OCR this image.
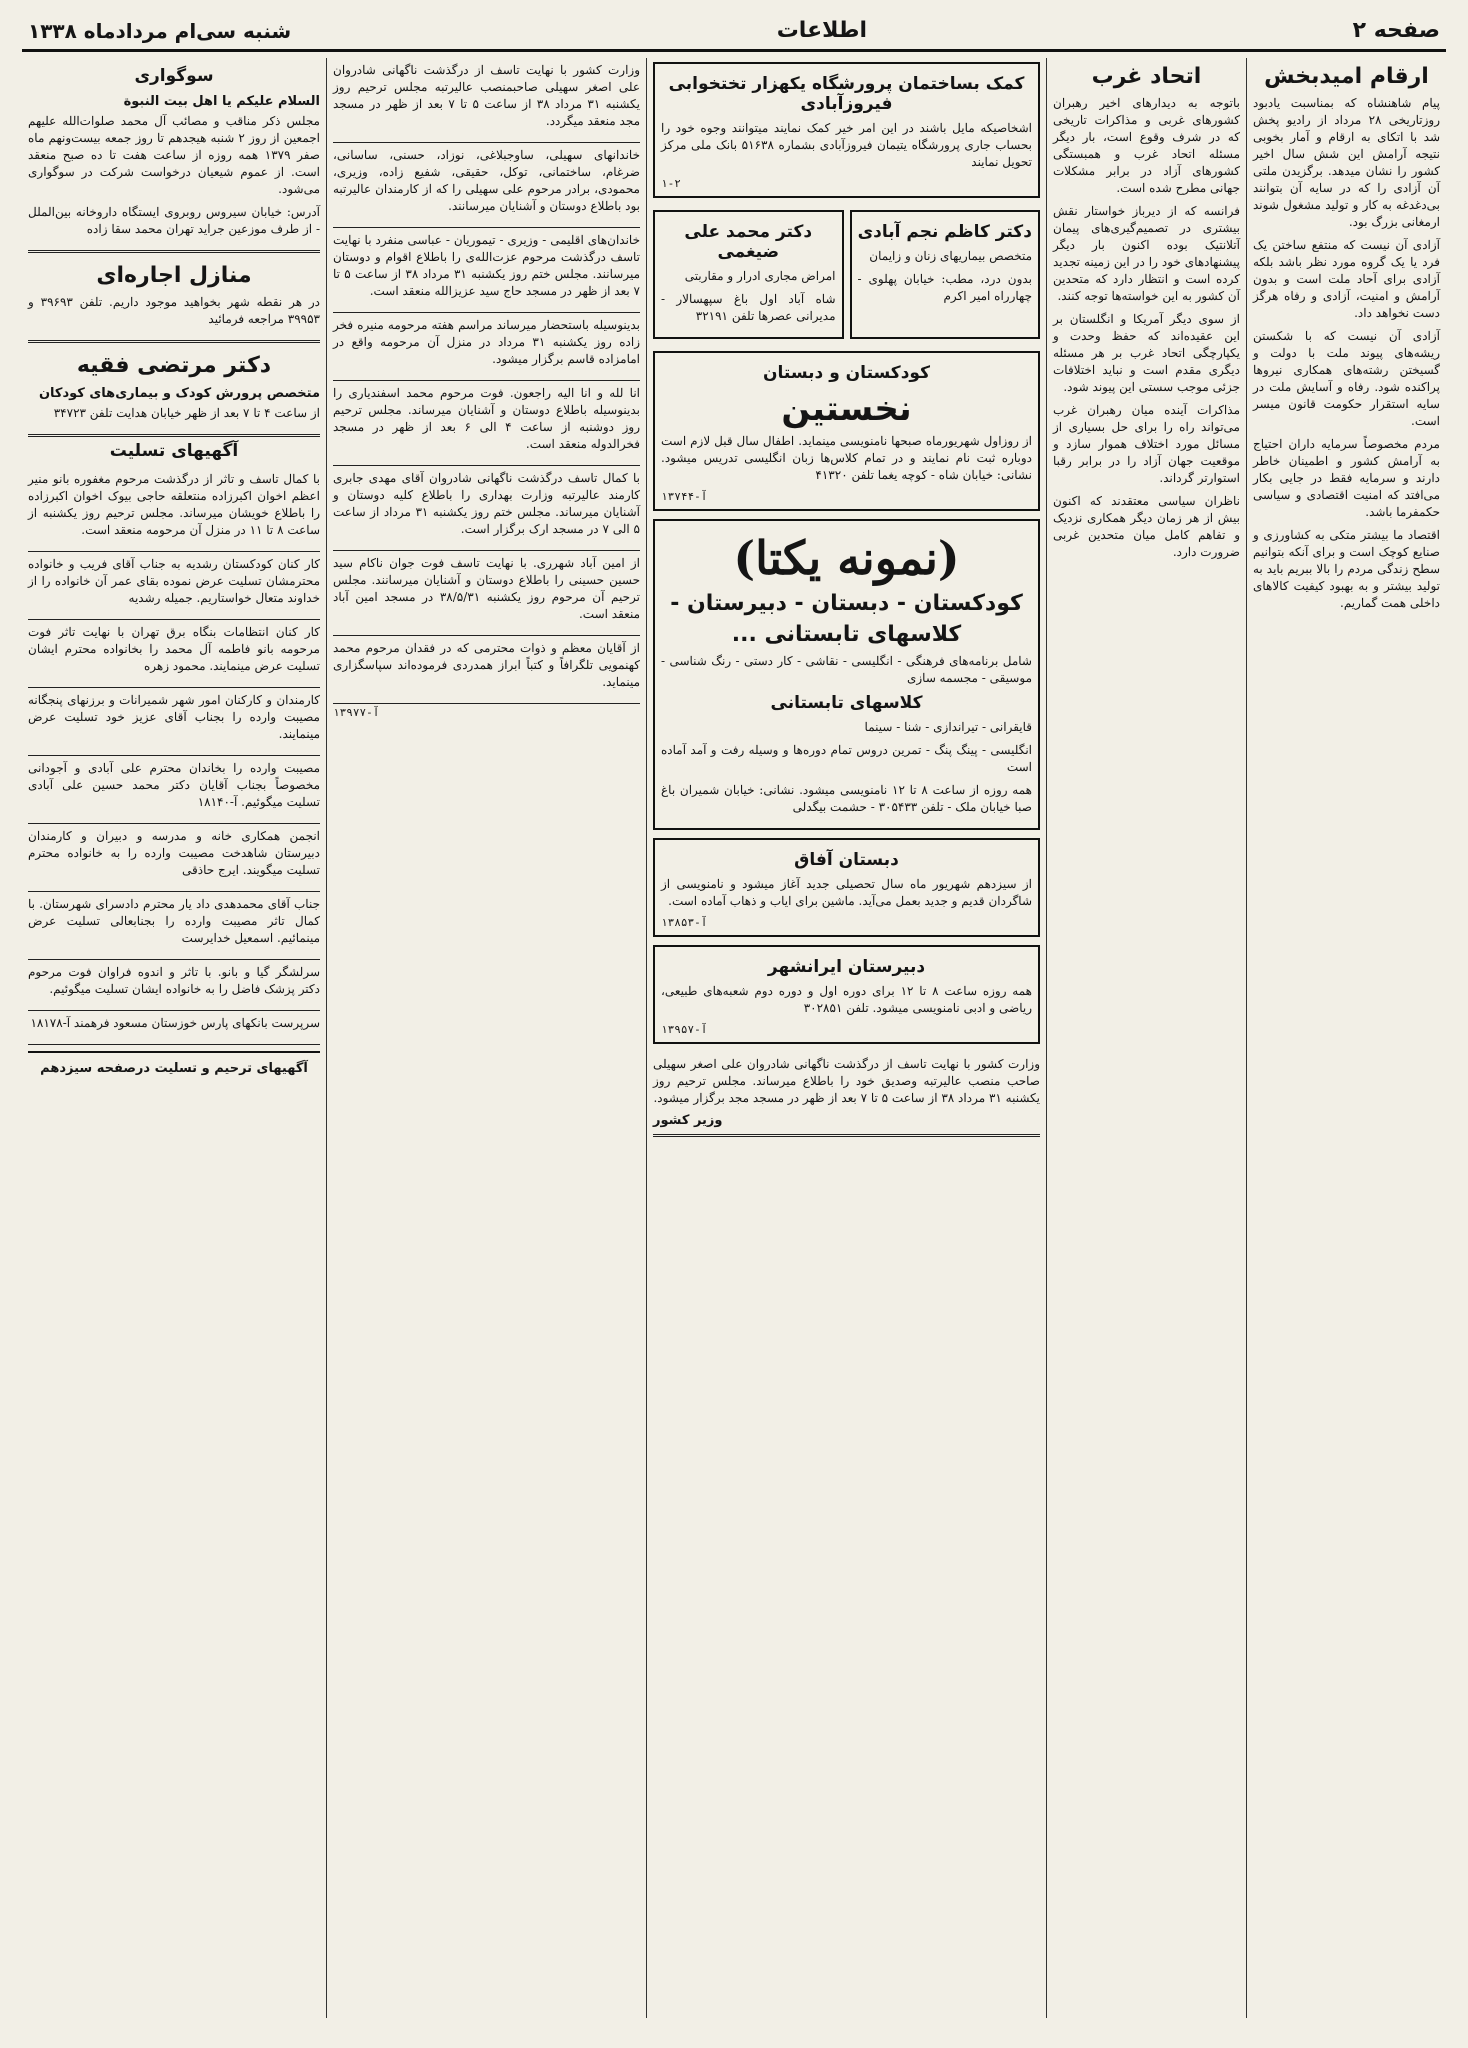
صفحه ۲
اطلاعات
شنبه سی‌ام مردادماه ۱۳۳۸
ارقام امیدبخش

پیام شاهنشاه که بمناسبت یادبود روزتاریخی ۲۸ مرداد از رادیو پخش شد با اتکای به ارقام و آمار بخوبی نتیجه آرامش این شش سال اخیر کشور را نشان میدهد. برگزیدن ملتی آن آزادی را که در سایه آن بتوانند بی‌دغدغه به کار و تولید مشغول شوند ارمغانی بزرگ بود.

آزادی آن نیست که منتفع ساختن یک فرد یا یک گروه مورد نظر باشد بلکه آزادی برای آحاد ملت است و بدون آرامش و امنیت، آزادی و رفاه هرگز دست نخواهد داد.

آزادی آن نیست که با شکستن ریشه‌های پیوند ملت با دولت و گسیختن رشته‌های همکاری نیروها پراکنده شود. رفاه و آسایش ملت در سایه استقرار حکومت قانون میسر است.

مردم مخصوصاً سرمایه داران احتیاج به آرامش کشور و اطمینان خاطر دارند و سرمایه فقط در جایی بکار می‌افتد که امنیت اقتصادی و سیاسی حکمفرما باشد.

اقتصاد ما بیشتر متکی به کشاورزی و صنایع کوچک است و برای آنکه بتوانیم سطح زندگی مردم را بالا ببریم باید به تولید بیشتر و به بهبود کیفیت کالاهای داخلی همت گماریم.

اتحاد غرب

باتوجه به دیدارهای اخیر رهبران کشورهای غربی و مذاکرات تاریخی که در شرف وقوع است، بار دیگر مسئله اتحاد غرب و همبستگی کشورهای آزاد در برابر مشکلات جهانی مطرح شده است.

فرانسه که از دیرباز خواستار نقش بیشتری در تصمیم‌گیری‌های پیمان آتلانتیک بوده اکنون بار دیگر پیشنهادهای خود را در این زمینه تجدید کرده است و انتظار دارد که متحدین آن کشور به این خواسته‌ها توجه کنند.

از سوی دیگر آمریکا و انگلستان بر این عقیده‌اند که حفظ وحدت و یکپارچگی اتحاد غرب بر هر مسئله دیگری مقدم است و نباید اختلافات جزئی موجب سستی این پیوند شود.

مذاکرات آینده میان رهبران غرب می‌تواند راه را برای حل بسیاری از مسائل مورد اختلاف هموار سازد و موقعیت جهان آزاد را در برابر رقبا استوارتر گرداند.

ناظران سیاسی معتقدند که اکنون بیش از هر زمان دیگر همکاری نزدیک و تفاهم کامل میان متحدین غربی ضرورت دارد.

کمک بساختمان پرورشگاه یکهزار تختخوابی فیروزآبادی

اشخاصیکه مایل باشند در این امر خیر کمک نمایند میتوانند وجوه خود را بحساب جاری پرورشگاه یتیمان فیروزآبادی بشماره ۵۱۶۳۸ بانک ملی مرکز تحویل نمایند

۱-۲
دکتر کاظم نجم آبادی

متخصص بیماریهای زنان و زایمان

بدون درد، مطب: خیابان پهلوی - چهارراه امیر اکرم

دکتر محمد علی ضیغمی

امراض مجاری ادرار و مقاربتی

شاه آباد اول باغ سپهسالار - مدیرانی عصرها تلفن ۳۲۱۹۱

کودکستان و دبستان
نخستین

از روزاول شهریورماه صبحها نامنویسی مینماید. اطفال سال قبل لازم است دوباره ثبت نام نمایند و در تمام کلاس‌ها زبان انگلیسی تدریس میشود. نشانی: خیابان شاه - کوچه یغما تلفن ۴۱۳۲۰

آ-۱۳۷۴۴
(نمونه یکتا)
کودکستان - دبستان - دبیرستان -
کلاسهای تابستانی ...

شامل برنامه‌های فرهنگی - انگلیسی - نقاشی - کار دستی - رنگ شناسی - موسیقی - مجسمه سازی

کلاسهای تابستانی

قایقرانی - تیراندازی - شنا - سینما

انگلیسی - پینگ پنگ - تمرین دروس تمام دوره‌ها و وسیله رفت و آمد آماده است

همه روزه از ساعت ۸ تا ۱۲ نامنویسی میشود. نشانی: خیابان شمیران باغ صبا خیابان ملک - تلفن ۳۰۵۴۳۳ - حشمت بیگدلی

دبستان آفاق

از سیزدهم شهریور ماه سال تحصیلی جدید آغاز میشود و نامنویسی از شاگردان قدیم و جدید بعمل می‌آید. ماشین برای ایاب و ذهاب آماده است.

آ-۱۳۸۵۳
دبیرستان ایرانشهر

همه روزه ساعت ۸ تا ۱۲ برای دوره اول و دوره دوم شعبه‌های طبیعی، ریاضی و ادبی نامنویسی میشود. تلفن ۳۰۲۸۵۱

آ-۱۳۹۵۷

وزارت کشور با نهایت تاسف از درگذشت ناگهانی شادروان علی اصغر سهیلی صاحب منصب عالیرتبه وصدیق خود را باطلاع میرساند. مجلس ترحیم روز یکشنبه ۳۱ مرداد ۳۸ از ساعت ۵ تا ۷ بعد از ظهر در مسجد مجد برگزار میشود.

وزیر کشور

وزارت کشور با نهایت تاسف از درگذشت ناگهانی شادروان علی اصغر سهیلی صاحبمنصب عالیرتبه مجلس ترحیم روز یکشنبه ۳۱ مرداد ۳۸ از ساعت ۵ تا ۷ بعد از ظهر در مسجد مجد منعقد میگردد.

خاندانهای سهیلی، ساوجبلاغی، نوزاد، حسنی، ساسانی، ضرغام، ساختمانی، توکل، حقیقی، شفیع زاده، وزیری، محمودی، برادر مرحوم علی سهیلی را که از کارمندان عالیرتبه بود باطلاع دوستان و آشنایان میرسانند.

خاندان‌های اقلیمی - وزیری - تیموریان - عباسی منفرد با نهایت تاسف درگذشت مرحوم عزت‌الله‌ی را باطلاع اقوام و دوستان میرسانند. مجلس ختم روز یکشنبه ۳۱ مرداد ۳۸ از ساعت ۵ تا ۷ بعد از ظهر در مسجد حاج سید عزیزالله منعقد است.

بدینوسیله باستحضار میرساند مراسم هفته مرحومه منیره فخر زاده روز یکشنبه ۳۱ مرداد در منزل آن مرحومه واقع در امامزاده قاسم برگزار میشود.

انا لله و انا الیه راجعون. فوت مرحوم محمد اسفندیاری را بدینوسیله باطلاع دوستان و آشنایان میرساند. مجلس ترحیم روز دوشنبه از ساعت ۴ الی ۶ بعد از ظهر در مسجد فخرالدوله منعقد است.

با کمال تاسف درگذشت ناگهانی شادروان آقای مهدی جابری کارمند عالیرتبه وزارت بهداری را باطلاع کلیه دوستان و آشنایان میرساند. مجلس ختم روز یکشنبه ۳۱ مرداد از ساعت ۵ الی ۷ در مسجد ارک برگزار است.

از امین آباد شهرری. با نهایت تاسف فوت جوان ناکام سید حسین حسینی را باطلاع دوستان و آشنایان میرسانند. مجلس ترحیم آن مرحوم روز یکشنبه ۳۸/۵/۳۱ در مسجد امین آباد منعقد است.

از آقایان معظم و ذوات محترمی که در فقدان مرحوم محمد کهنمویی تلگرافاً و کتباً ابراز همدردی فرموده‌اند سپاسگزاری مینماید.

آ-۱۳۹۷۷
سوگواری
السلام علیکم یا اهل بیت النبوة

مجلس ذکر مناقب و مصائب آل محمد صلوات‌الله علیهم اجمعین از روز ۲ شنبه هیجدهم تا روز جمعه بیست‌و‌نهم ماه صفر ۱۳۷۹ همه روزه از ساعت هفت تا ده صبح منعقد است. از عموم شیعیان درخواست شرکت در سوگواری می‌شود.

آدرس: خیابان سیروس روبروی ایستگاه داروخانه بین‌الملل - از طرف موزعین جراید تهران محمد سقا زاده

منازل اجاره‌ای

در هر نقطه شهر بخواهید موجود داریم. تلفن ۳۹۶۹۳ و ۳۹۹۵۳ مراجعه فرمائید

دکتر مرتضی فقیه
متخصص پرورش کودک و بیماری‌های کودکان

از ساعت ۴ تا ۷ بعد از ظهر خیابان هدایت تلفن ۳۴۷۲۳

آگهیهای تسلیت

با کمال تاسف و تاثر از درگذشت مرحوم مغفوره بانو منیر اعظم اخوان اکبرزاده منتعلقه حاجی بیوک اخوان اکبرزاده را باطلاع خویشان میرساند. مجلس ترحیم روز یکشنبه از ساعت ۸ تا ۱۱ در منزل آن مرحومه منعقد است.

کار کنان کودکستان رشدیه به جناب آقای فریب و خانواده محترمشان تسلیت عرض نموده بقای عمر آن خانواده را از خداوند متعال خواستاریم. جمیله رشدیه

کار کنان انتظامات بنگاه برق تهران با نهایت تاثر فوت مرحومه بانو فاطمه آل محمد را بخانواده محترم ایشان تسلیت عرض مینمایند. محمود زهره

کارمندان و کارکنان امور شهر شمیرانات و برزنهای پنجگانه مصیبت وارده را بجناب آقای عزیز خود تسلیت عرض مینمایند.

مصیبت وارده را بخاندان محترم علی آبادی و آجودانی مخصوصاً بجناب آقایان دکتر محمد حسین علی آبادی تسلیت میگوئیم. آ-۱۸۱۴۰

انجمن همکاری خانه و مدرسه و دبیران و کارمندان دبیرستان شاهدخت مصیبت وارده را به خانواده محترم تسلیت میگویند. ایرج حاذقی

جناب آقای محمدهدی داد یار محترم دادسرای شهرستان. با کمال تاثر مصیبت وارده را بجنابعالی تسلیت عرض مینمائیم. اسمعیل خدایرست

سرلشگر گیا و بانو. با تاثر و اندوه فراوان فوت مرحوم دکتر پزشک فاضل را به خانواده ایشان تسلیت میگوئیم.

سرپرست بانکهای پارس خوزستان مسعود فرهمند آ-۱۸۱۷۸

آگهیهای ترحیم و تسلیت درصفحه سیزدهم
